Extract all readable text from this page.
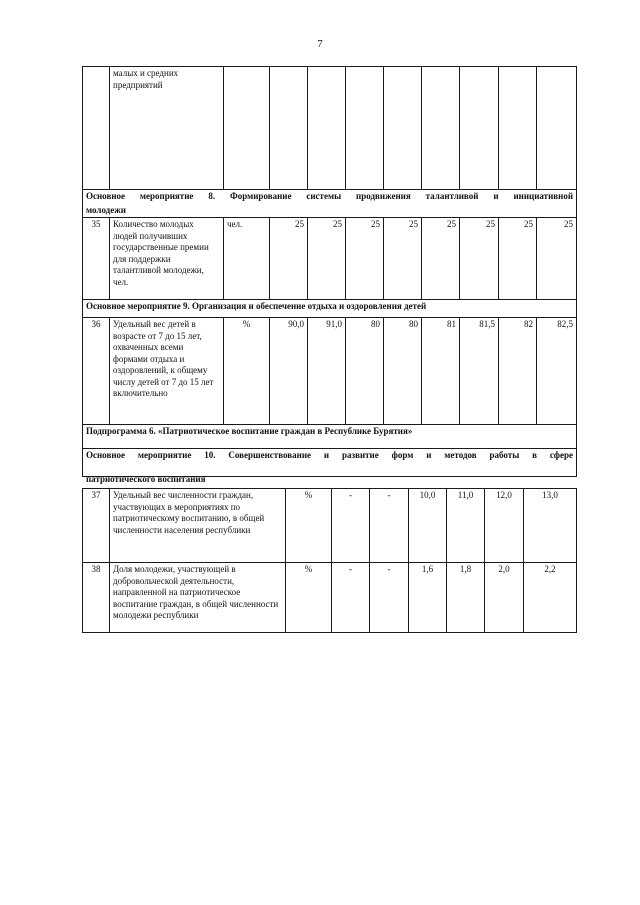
7
	малых и средних предприятий									
Основное мероприятие 8. Формирование системы продвижения талантливой и инициативной										
35	Количество молодых людей получивших государственные премии для поддержки талантливой молодежи, чел.	чел.	25	25	25	25	25	25	25	25
Основное мероприятие 9. Организация и обеспечение отдыха и оздоровления детей										
36	Удельный вес детей в возрасте от 7 до 15 лет, охваченных всеми формами отдыха и оздоровлений, к общему числу детей от 7 до 15 лет включительно	%	90,0	91,0	80	80	81	81,5	82	82,5
Подпрограмма 6. «Патриотическое воспитание граждан в Республике Бурятия»										
Основное мероприятие 10. Совершенствование и развитие форм и методов работы в сфере										
молодежи
патриотического воспитания
37	Удельный вес численности граждан, участвующих в мероприятиях по патриотическому воспитанию, в общей численности населения республики	%	-	-	10,0	11,0	12,0	13,0
38	Доля молодежи, участвующей в добровольческой деятельности, направленной на патриотическое воспитание граждан, в общей численности молодежи республики	%	-	-	1,6	1,8	2,0	2,2
